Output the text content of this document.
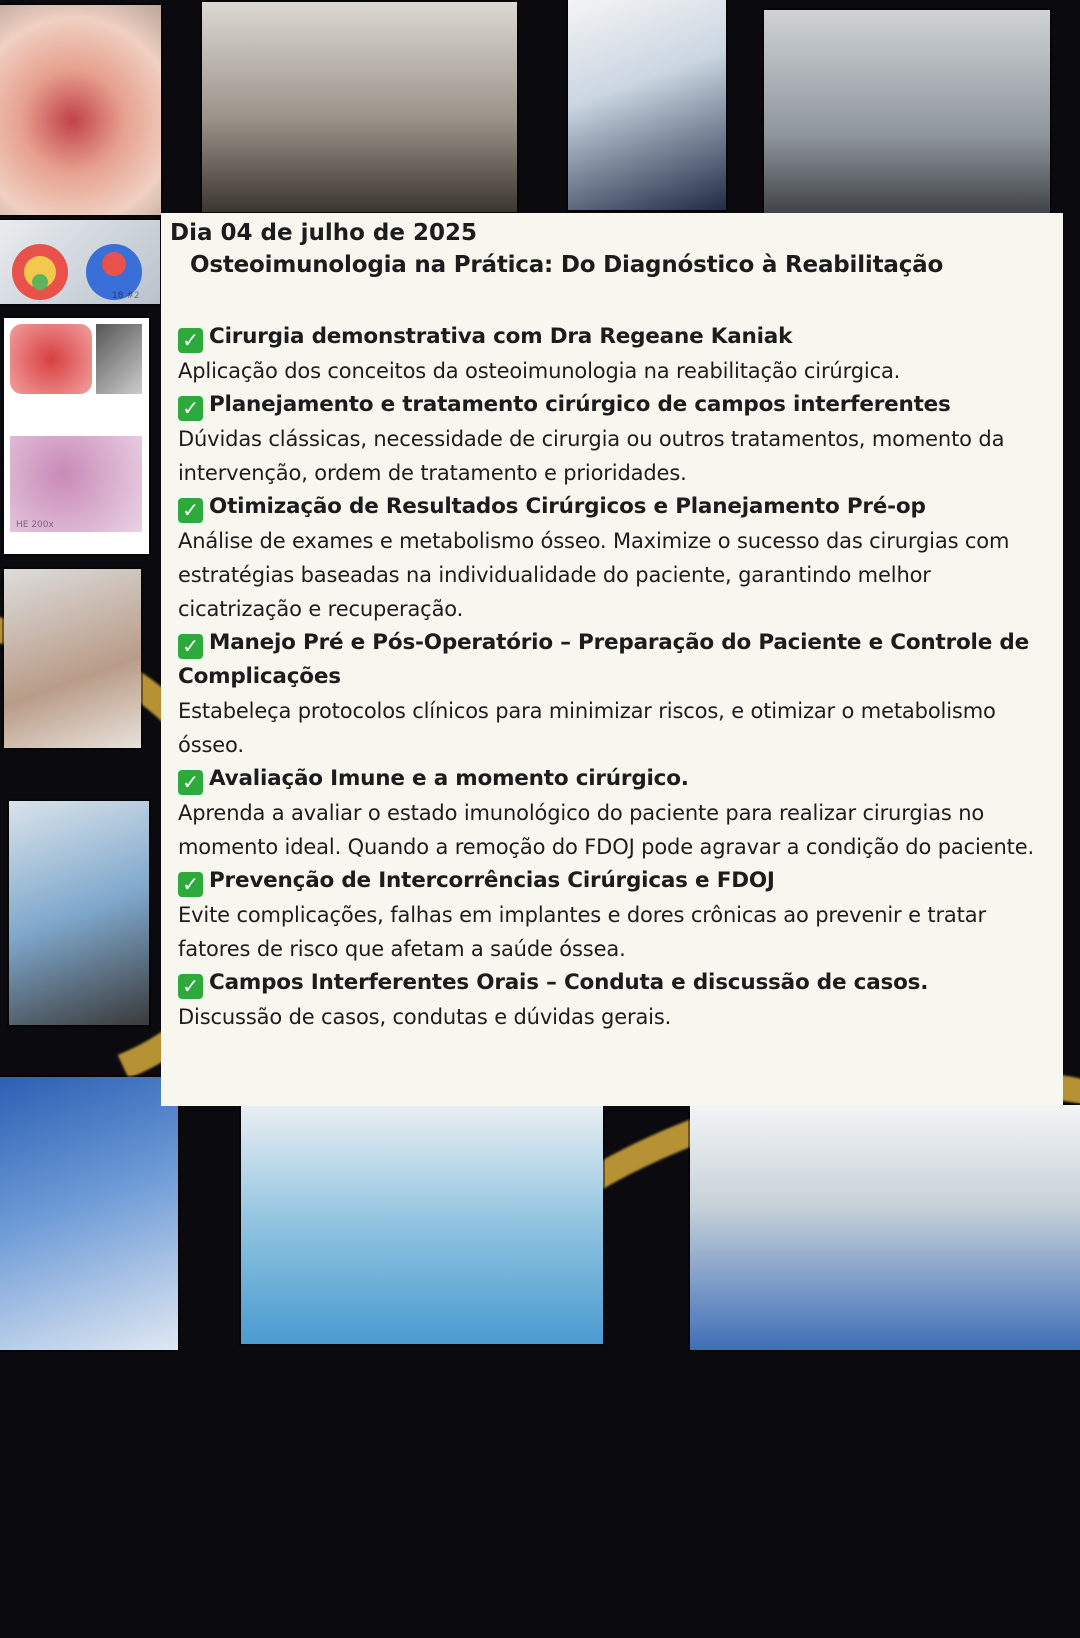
18 #2
HE 200x
Dia 04 de julho de 2025
Osteoimunologia na Prática: Do Diagnóstico à Reabilitação
✓ Cirurgia demonstrativa com Dra Regeane Kaniak
Aplicação dos conceitos da osteoimunologia na reabilitação cirúrgica.
✓ Planejamento e tratamento cirúrgico de campos interferentes
Dúvidas clássicas, necessidade de cirurgia ou outros tratamentos, momento da intervenção, ordem de tratamento e prioridades.
✓ Otimização de Resultados Cirúrgicos e Planejamento Pré-op
Análise de exames e metabolismo ósseo. Maximize o sucesso das cirurgias com estratégias baseadas na individualidade do paciente, garantindo melhor cicatrização e recuperação.
✓ Manejo Pré e Pós-Operatório – Preparação do Paciente e Controle de Complicações
Estabeleça protocolos clínicos para minimizar riscos, e otimizar o metabolismo ósseo.
✓ Avaliação Imune e a momento cirúrgico.
Aprenda a avaliar o estado imunológico do paciente para realizar cirurgias no momento ideal. Quando a remoção do FDOJ pode agravar a condição do paciente.
✓ Prevenção de Intercorrências Cirúrgicas e FDOJ
Evite complicações, falhas em implantes e dores crônicas ao prevenir e tratar fatores de risco que afetam a saúde óssea.
✓ Campos Interferentes Orais – Conduta e discussão de casos.
Discussão de casos, condutas e dúvidas gerais.
